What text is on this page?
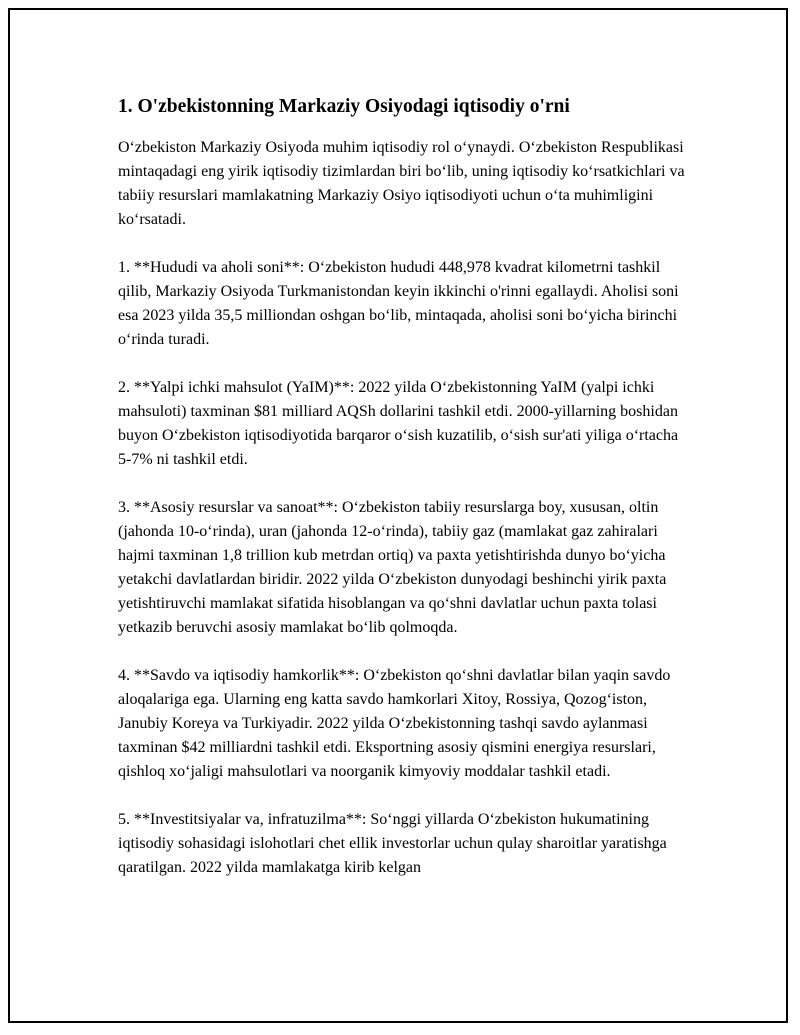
1. O'zbekistonning Markaziy Osiyodagi iqtisodiy o'rni

O‘zbekiston Markaziy Osiyoda muhim iqtisodiy rol o‘ynaydi. O‘zbekiston Respublikasi mintaqadagi eng yirik iqtisodiy tizimlardan biri bo‘lib, uning iqtisodiy ko‘rsatkichlari va tabiiy resurslari mamlakatning Markaziy Osiyo iqtisodiyoti uchun o‘ta muhimligini ko‘rsatadi.

1. **Hududi va aholi soni**: O‘zbekiston hududi 448,978 kvadrat kilometrni tashkil qilib, Markaziy Osiyoda Turkmanistondan keyin ikkinchi o'rinni egallaydi. Aholisi soni esa 2023 yilda 35,5 milliondan oshgan bo‘lib, mintaqada, aholisi soni bo‘yicha birinchi o‘rinda turadi.

2. **Yalpi ichki mahsulot (YaIM)**: 2022 yilda O‘zbekistonning YaIM (yalpi ichki mahsuloti) taxminan $81 milliard AQSh dollarini tashkil etdi. 2000-yillarning boshidan buyon O‘zbekiston iqtisodiyotida barqaror o‘sish kuzatilib, o‘sish sur'ati yiliga o‘rtacha 5-7% ni tashkil etdi.

3. **Asosiy resurslar va sanoat**: O‘zbekiston tabiiy resurslarga boy, xususan, oltin (jahonda 10-o‘rinda), uran (jahonda 12-o‘rinda), tabiiy gaz (mamlakat gaz zahiralari hajmi taxminan 1,8 trillion kub metrdan ortiq) va paxta yetishtirishda dunyo bo‘yicha yetakchi davlatlardan biridir. 2022 yilda O‘zbekiston dunyodagi beshinchi yirik paxta yetishtiruvchi mamlakat sifatida hisoblangan va qo‘shni davlatlar uchun paxta tolasi yetkazib beruvchi asosiy mamlakat bo‘lib qolmoqda.

4. **Savdo va iqtisodiy hamkorlik**: O‘zbekiston qo‘shni davlatlar bilan yaqin savdo aloqalariga ega. Ularning eng katta savdo hamkorlari Xitoy, Rossiya, Qozog‘iston, Janubiy Koreya va Turkiyadir. 2022 yilda O‘zbekistonning tashqi savdo aylanmasi taxminan $42 milliardni tashkil etdi. Eksportning asosiy qismini energiya resurslari, qishloq xo‘jaligi mahsulotlari va noorganik kimyoviy moddalar tashkil etadi.

5. **Investitsiyalar va, infratuzilma**: So‘nggi yillarda O‘zbekiston hukumatining iqtisodiy sohasidagi islohotlari chet ellik investorlar uchun qulay sharoitlar yaratishga qaratilgan. 2022 yilda mamlakatga kirib kelgan
